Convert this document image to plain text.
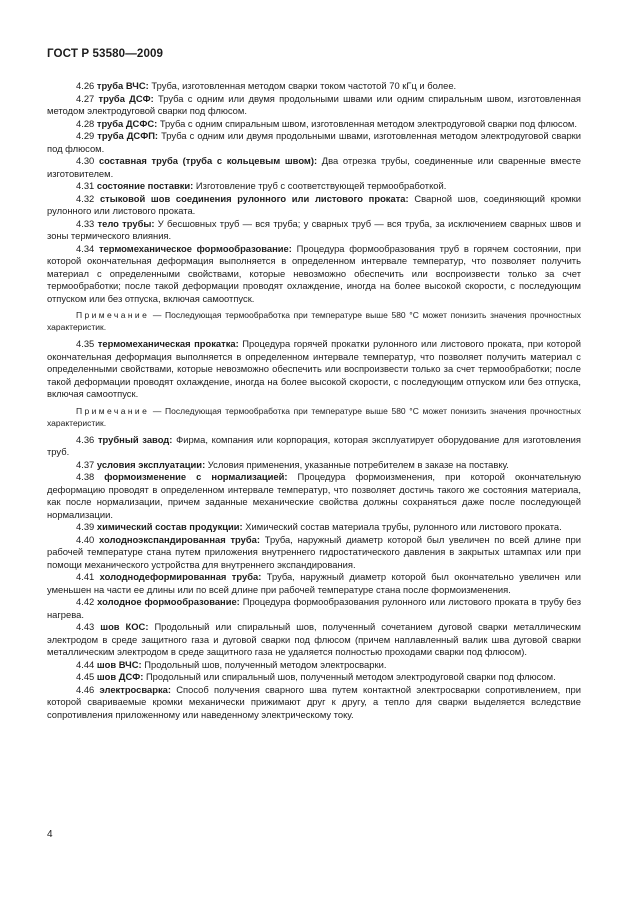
ГОСТ Р 53580—2009

4.26 труба ВЧС: Труба, изготовленная методом сварки током частотой 70 кГц и более.

4.27 труба ДСФ: Труба с одним или двумя продольными швами или одним спиральным швом, изготовленная методом электродуговой сварки под флюсом.

4.28 труба ДСФС: Труба с одним спиральным швом, изготовленная методом электродуговой сварки под флюсом.

4.29 труба ДСФП: Труба с одним или двумя продольными швами, изготовленная методом электродуговой сварки под флюсом.

4.30 составная труба (труба с кольцевым швом): Два отрезка трубы, соединенные или сваренные вместе изготовителем.

4.31 состояние поставки: Изготовление труб с соответствующей термообработкой.

4.32 стыковой шов соединения рулонного или листового проката: Сварной шов, соединяющий кромки рулонного или листового проката.

4.33 тело трубы: У бесшовных труб — вся труба; у сварных труб — вся труба, за исключением сварных швов и зоны термического влияния.

4.34 термомеханическое формообразование: Процедура формообразования труб в горячем состоянии, при которой окончательная деформация выполняется в определенном интервале температур, что позволяет получить материал с определенными свойствами, которые невозможно обеспечить или воспроизвести только за счет термообработки; после такой деформации проводят охлаждение, иногда на более высокой скорости, с последующим отпуском или без отпуска, включая самоотпуск.

Примечание — Последующая термообработка при температуре выше 580 °С может понизить значения прочностных характеристик.

4.35 термомеханическая прокатка: Процедура горячей прокатки рулонного или листового проката, при которой окончательная деформация выполняется в определенном интервале температур, что позволяет получить материал с определенными свойствами, которые невозможно обеспечить или воспроизвести только за счет термообработки; после такой деформации проводят охлаждение, иногда на более высокой скорости, с последующим отпуском или без отпуска, включая самоотпуск.

Примечание — Последующая термообработка при температуре выше 580 °С может понизить значения прочностных характеристик.

4.36 трубный завод: Фирма, компания или корпорация, которая эксплуатирует оборудование для изготовления труб.

4.37 условия эксплуатации: Условия применения, указанные потребителем в заказе на поставку.

4.38 формоизменение с нормализацией: Процедура формоизменения, при которой окончательную деформацию проводят в определенном интервале температур, что позволяет достичь такого же состояния материала, как после нормализации, причем заданные механические свойства должны сохраняться даже после последующей нормализации.

4.39 химический состав продукции: Химический состав материала трубы, рулонного или листового проката.

4.40 холодноэкспандированная труба: Труба, наружный диаметр которой был увеличен по всей длине при рабочей температуре стана путем приложения внутреннего гидростатического давления в закрытых штампах или при помощи механического устройства для внутреннего экспандирования.

4.41 холоднодеформированная труба: Труба, наружный диаметр которой был окончательно увеличен или уменьшен на части ее длины или по всей длине при рабочей температуре стана после формоизменения.

4.42 холодное формообразование: Процедура формообразования рулонного или листового проката в трубу без нагрева.

4.43 шов КОС: Продольный или спиральный шов, полученный сочетанием дуговой сварки металлическим электродом в среде защитного газа и дуговой сварки под флюсом (причем наплавленный валик шва дуговой сварки металлическим электродом в среде защитного газа не удаляется полностью проходами сварки под флюсом).

4.44 шов ВЧС: Продольный шов, полученный методом электросварки.

4.45 шов ДСФ: Продольный или спиральный шов, полученный методом электродуговой сварки под флюсом.

4.46 электросварка: Способ получения сварного шва путем контактной электросварки сопротивлением, при которой свариваемые кромки механически прижимают друг к другу, а тепло для сварки выделяется вследствие сопротивления приложенному или наведенному электрическому току.

4
